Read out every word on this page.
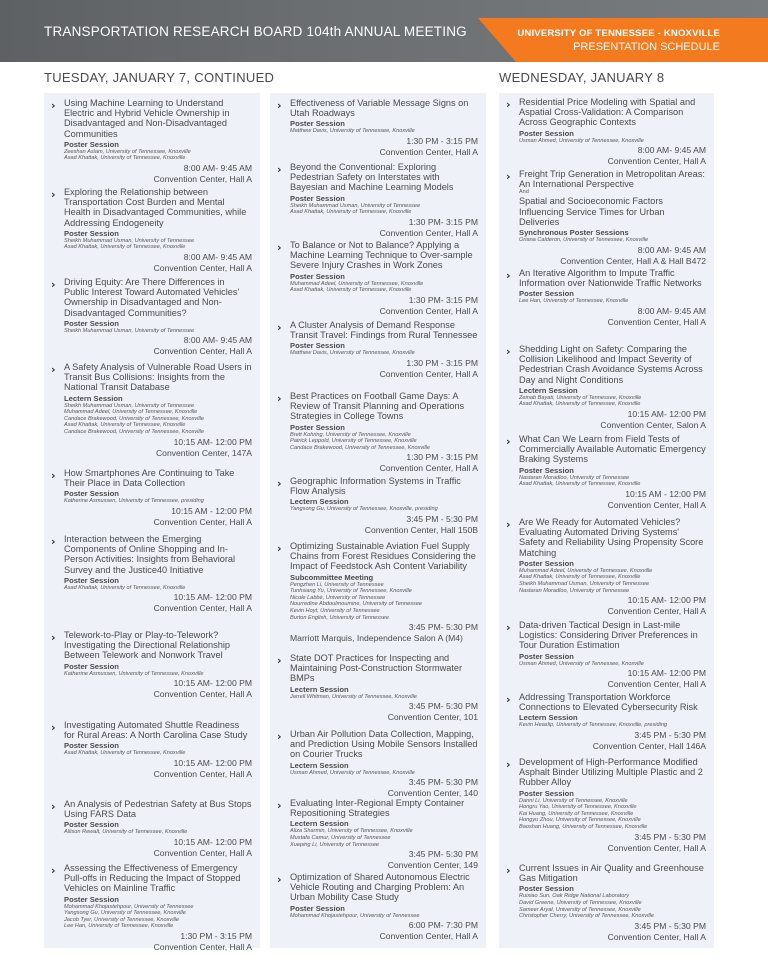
TRANSPORTATION RESEARCH BOARD 104th ANNUAL MEETING	UNIVERSITY OF TENNESSEE - KNOXVILLE
PRESENTATION SCHEDULE
TUESDAY, JANUARY 7, CONTINUED	WEDNESDAY, JANUARY 8
› Using Machine Learning to Understand Electric and Hybrid Vehicle Ownership in Disadvantaged and Non-Disadvantaged Communities
Poster Session
Zeeshan Aslam, University of Tennessee, Knoxville
Asad Khattak, University of Tennessee, Knoxville
8:00 AM- 9:45 AM
Convention Center, Hall A
› Exploring the Relationship between Transportation Cost Burden and Mental Health in Disadvantaged Communities, while Addressing Endogeneity
Poster Session
Sheikh Muhammad Usman, University of Tennessee
Asad Khattak, University of Tennessee, Knoxville
8:00 AM- 9:45 AM
Convention Center, Hall A
› Driving Equity: Are There Differences in Public Interest Toward Automated Vehicles' Ownership in Disadvantaged and Non-Disadvantaged Communities?
Poster Session
Sheikh Muhammad Usman, University of Tennessee
8:00 AM- 9:45 AM
Convention Center, Hall A
› A Safety Analysis of Vulnerable Road Users in Transit Bus Collisions: Insights from the National Transit Database
Lectern Session
Sheikh Muhammad Usman, University of Tennessee
Muhammad Adeel, University of Tennessee, Knoxville
Candace Brakewood, University of Tennessee, Knoxville
Asad Khattak, University of Tennessee, Knoxville
Candace Brakewood, University of Tennessee, Knoxville
10:15 AM- 12:00 PM
Convention Center, 147A
› How Smartphones Are Continuing to Take Their Place in Data Collection
Poster Session
Katherine Asmussen, University of Tennessee, presiding
10:15 AM - 12:00 PM
Convention Center, Hall A
› Interaction between the Emerging Components of Online Shopping and In-Person Activities: Insights from Behavioral Survey and the Justice40 Initiative
Poster Session
Asad Khattak, University of Tennessee, Knoxville
10:15 AM- 12:00 PM
Convention Center, Hall A
› Telework-to-Play or Play-to-Telework? Investigating the Directional Relationship Between Telework and Nonwork Travel
Poster Session
Katherine Asmussen, University of Tennessee, Knoxville
10:15 AM- 12:00 PM
Convention Center, Hall A
› Investigating Automated Shuttle Readiness for Rural Areas: A North Carolina Case Study
Poster Session
Asad Khattak, University of Tennessee, Knoxville
10:15 AM- 12:00 PM
Convention Center, Hall A
› An Analysis of Pedestrian Safety at Bus Stops Using FARS Data
Poster Session
Allison Rewalt, University of Tennessee, Knoxville
10:15 AM- 12:00 PM
Convention Center, Hall A
› Assessing the Effectiveness of Emergency Pull-offs in Reducing the Impact of Stopped Vehicles on Mainline Traffic
Poster Session
Mohammad Khojastehpour, University of Tennessee
Yangsong Gu, University of Tennessee, Knoxville
Jacob Tyer, University of Tennessee, Knoxville
Lee Han, University of Tennessee, Knoxville
1:30 PM - 3:15 PM
Convention Center, Hall A
› Effectiveness of Variable Message Signs on Utah Roadways
Poster Session
Matthew Davis, University of Tennessee, Knoxville
1:30 PM - 3:15 PM
Convention Center, Hall A
› Beyond the Conventional: Exploring Pedestrian Safety on Interstates with Bayesian and Machine Learning Models
Poster Session
Sheikh Muhammad Usman, University of Tennessee
Asad Khattak, University of Tennessee, Knoxville
1:30 PM- 3:15 PM
Convention Center, Hall A
› To Balance or Not to Balance? Applying a Machine Learning Technique to Over-sample Severe Injury Crashes in Work Zones
Poster Session
Muhammad Adeel, University of Tennessee, Knoxville
Asad Khattak, University of Tennessee, Knoxville
1:30 PM- 3:15 PM
Convention Center, Hall A
› A Cluster Analysis of Demand Response Transit Travel: Findings from Rural Tennessee
Poster Session
Matthew Davis, University of Tennessee, Knoxville
1:30 PM - 3:15 PM
Convention Center, Hall A
› Best Practices on Football Game Days: A Review of Transit Planning and Operations Strategies in College Towns
Poster Session
Brett Kohring, University of Tennessee, Knoxville
Patrick Leppold, University of Tennessee, Knoxville
Candace Brakewood, University of Tennessee, Knoxville
1:30 PM - 3:15 PM
Convention Center, Hall A
› Geographic Information Systems in Traffic Flow Analysis
Lectern Session
Yangsong Gu, University of Tennessee, Knoxville, presiding
3:45 PM - 5:30 PM
Convention Center, Hall 150B
› Optimizing Sustainable Aviation Fuel Supply Chains from Forest Residues Considering the Impact of Feedstock Ash Content Variability
Subcommittee Meeting
Pengzhen Li, University of Tennessee
Tunhsiang Yu, University of Tennessee, Knoxville
Nicole Labbé, University of Tennessee
Nourredine Abdoulmoumine, University of Tennessee
Kevin Hoyt, University of Tennessee
Burton English, University of Tennessee
3:45 PM- 5:30 PM
Marriott Marquis, Independence Salon A (M4)
› State DOT Practices for Inspecting and Maintaining Post-Construction Stormwater BMPs
Lectern Session
Jarrell Whitman, University of Tennessee, Knoxville
3:45 PM- 5:30 PM
Convention Center, 101
› Urban Air Pollution Data Collection, Mapping, and Prediction Using Mobile Sensors Installed on Courier Trucks
Lectern Session
Usman Ahmed, University of Tennessee, Knoxville
3:45 PM- 5:30 PM
Convention Center, 140
› Evaluating Inter-Regional Empty Container Repositioning Strategies
Lectern Session
Aliza Sharmin, University of Tennessee, Knoxville
Mustafa Camur, University of Tennessee
Xueping Li, University of Tennessee
3:45 PM- 5:30 PM
Convention Center, 149
› Optimization of Shared Autonomous Electric Vehicle Routing and Charging Problem: An Urban Mobility Case Study
Poster Session
Mohammad Khojastehpour, University of Tennessee
6:00 PM- 7:30 PM
Convention Center, Hall A
› Residential Price Modeling with Spatial and Aspatial Cross-Validation: A Comparison Across Geographic Contexts
Poster Session
Usman Ahmed, University of Tennessee, Knoxville
8:00 AM- 9:45 AM
Convention Center, Hall A
› Freight Trip Generation in Metropolitan Areas: An International Perspective
And
Spatial and Socioeconomic Factors Influencing Service Times for Urban Deliveries
Synchronous Poster Sessions
Oriana Calderon, University of Tennessee, Knoxville
8:00 AM- 9:45 AM
Convention Center, Hall A & Hall B472
› An Iterative Algorithm to Impute Traffic Information over Nationwide Traffic Networks
Poster Session
Lee Han, University of Tennessee, Knoxville
8:00 AM- 9:45 AM
Convention Center, Hall A
› Shedding Light on Safety: Comparing the Collision Likelihood and Impact Severity of Pedestrian Crash Avoidance Systems Across Day and Night Conditions
Lectern Session
Zeinab Bayati, University of Tennessee, Knoxville
Asad Khattak, University of Tennessee, Knoxville
10:15 AM- 12:00 PM
Convention Center, Salon A
› What Can We Learn from Field Tests of Commercially Available Automatic Emergency Braking Systems
Poster Session
Nastaran Moradloo, University of Tennessee
Asad Khattak, University of Tennessee, Knoxville
10:15 AM - 12:00 PM
Convention Center, Hall A
› Are We Ready for Automated Vehicles? Evaluating Automated Driving Systems' Safety and Reliability Using Propensity Score Matching
Poster Session
Muhammad Adeel, University of Tennessee, Knoxville
Asad Khattak, University of Tennessee, Knoxville
Sheikh Muhammad Usman, University of Tennessee
Nastaran Moradloo, University of Tennessee
10:15 AM- 12:00 PM
Convention Center, Hall A
› Data-driven Tactical Design in Last-mile Logistics: Considering Driver Preferences in Tour Duration Estimation
Poster Session
Usman Ahmed, University of Tennessee, Knoxville
10:15 AM- 12:00 PM
Convention Center, Hall A
› Addressing Transportation Workforce Connections to Elevated Cybersecurity Risk
Lectern Session
Kevin Heaslip, University of Tennessee, Knoxville, presiding
3:45 PM - 5:30 PM
Convention Center, Hall 146A
› Development of High-Performance Modified Asphalt Binder Utilizing Multiple Plastic and 2 Rubber Alloy
Poster Session
Danni Li, University of Tennessee, Knoxville
Hongru Yao, University of Tennessee, Knoxville
Kai Huang, University of Tennessee, Knoxville
Hongyu Zhou, University of Tennessee, Knoxville
Baoshan Huang, University of Tennessee, Knoxville
3:45 PM - 5:30 PM
Convention Center, Hall A
› Current Issues in Air Quality and Greenhouse Gas Mitigation
Poster Session
Ruixiao Sun, Oak Ridge National Laboratory
David Greene, University of Tennessee, Knoxville
Sameer Aryal, University of Tennessee, Knoxville
Christopher Cherry, University of Tennessee, Knoxville
3:45 PM - 5:30 PM
Convention Center, Hall A
